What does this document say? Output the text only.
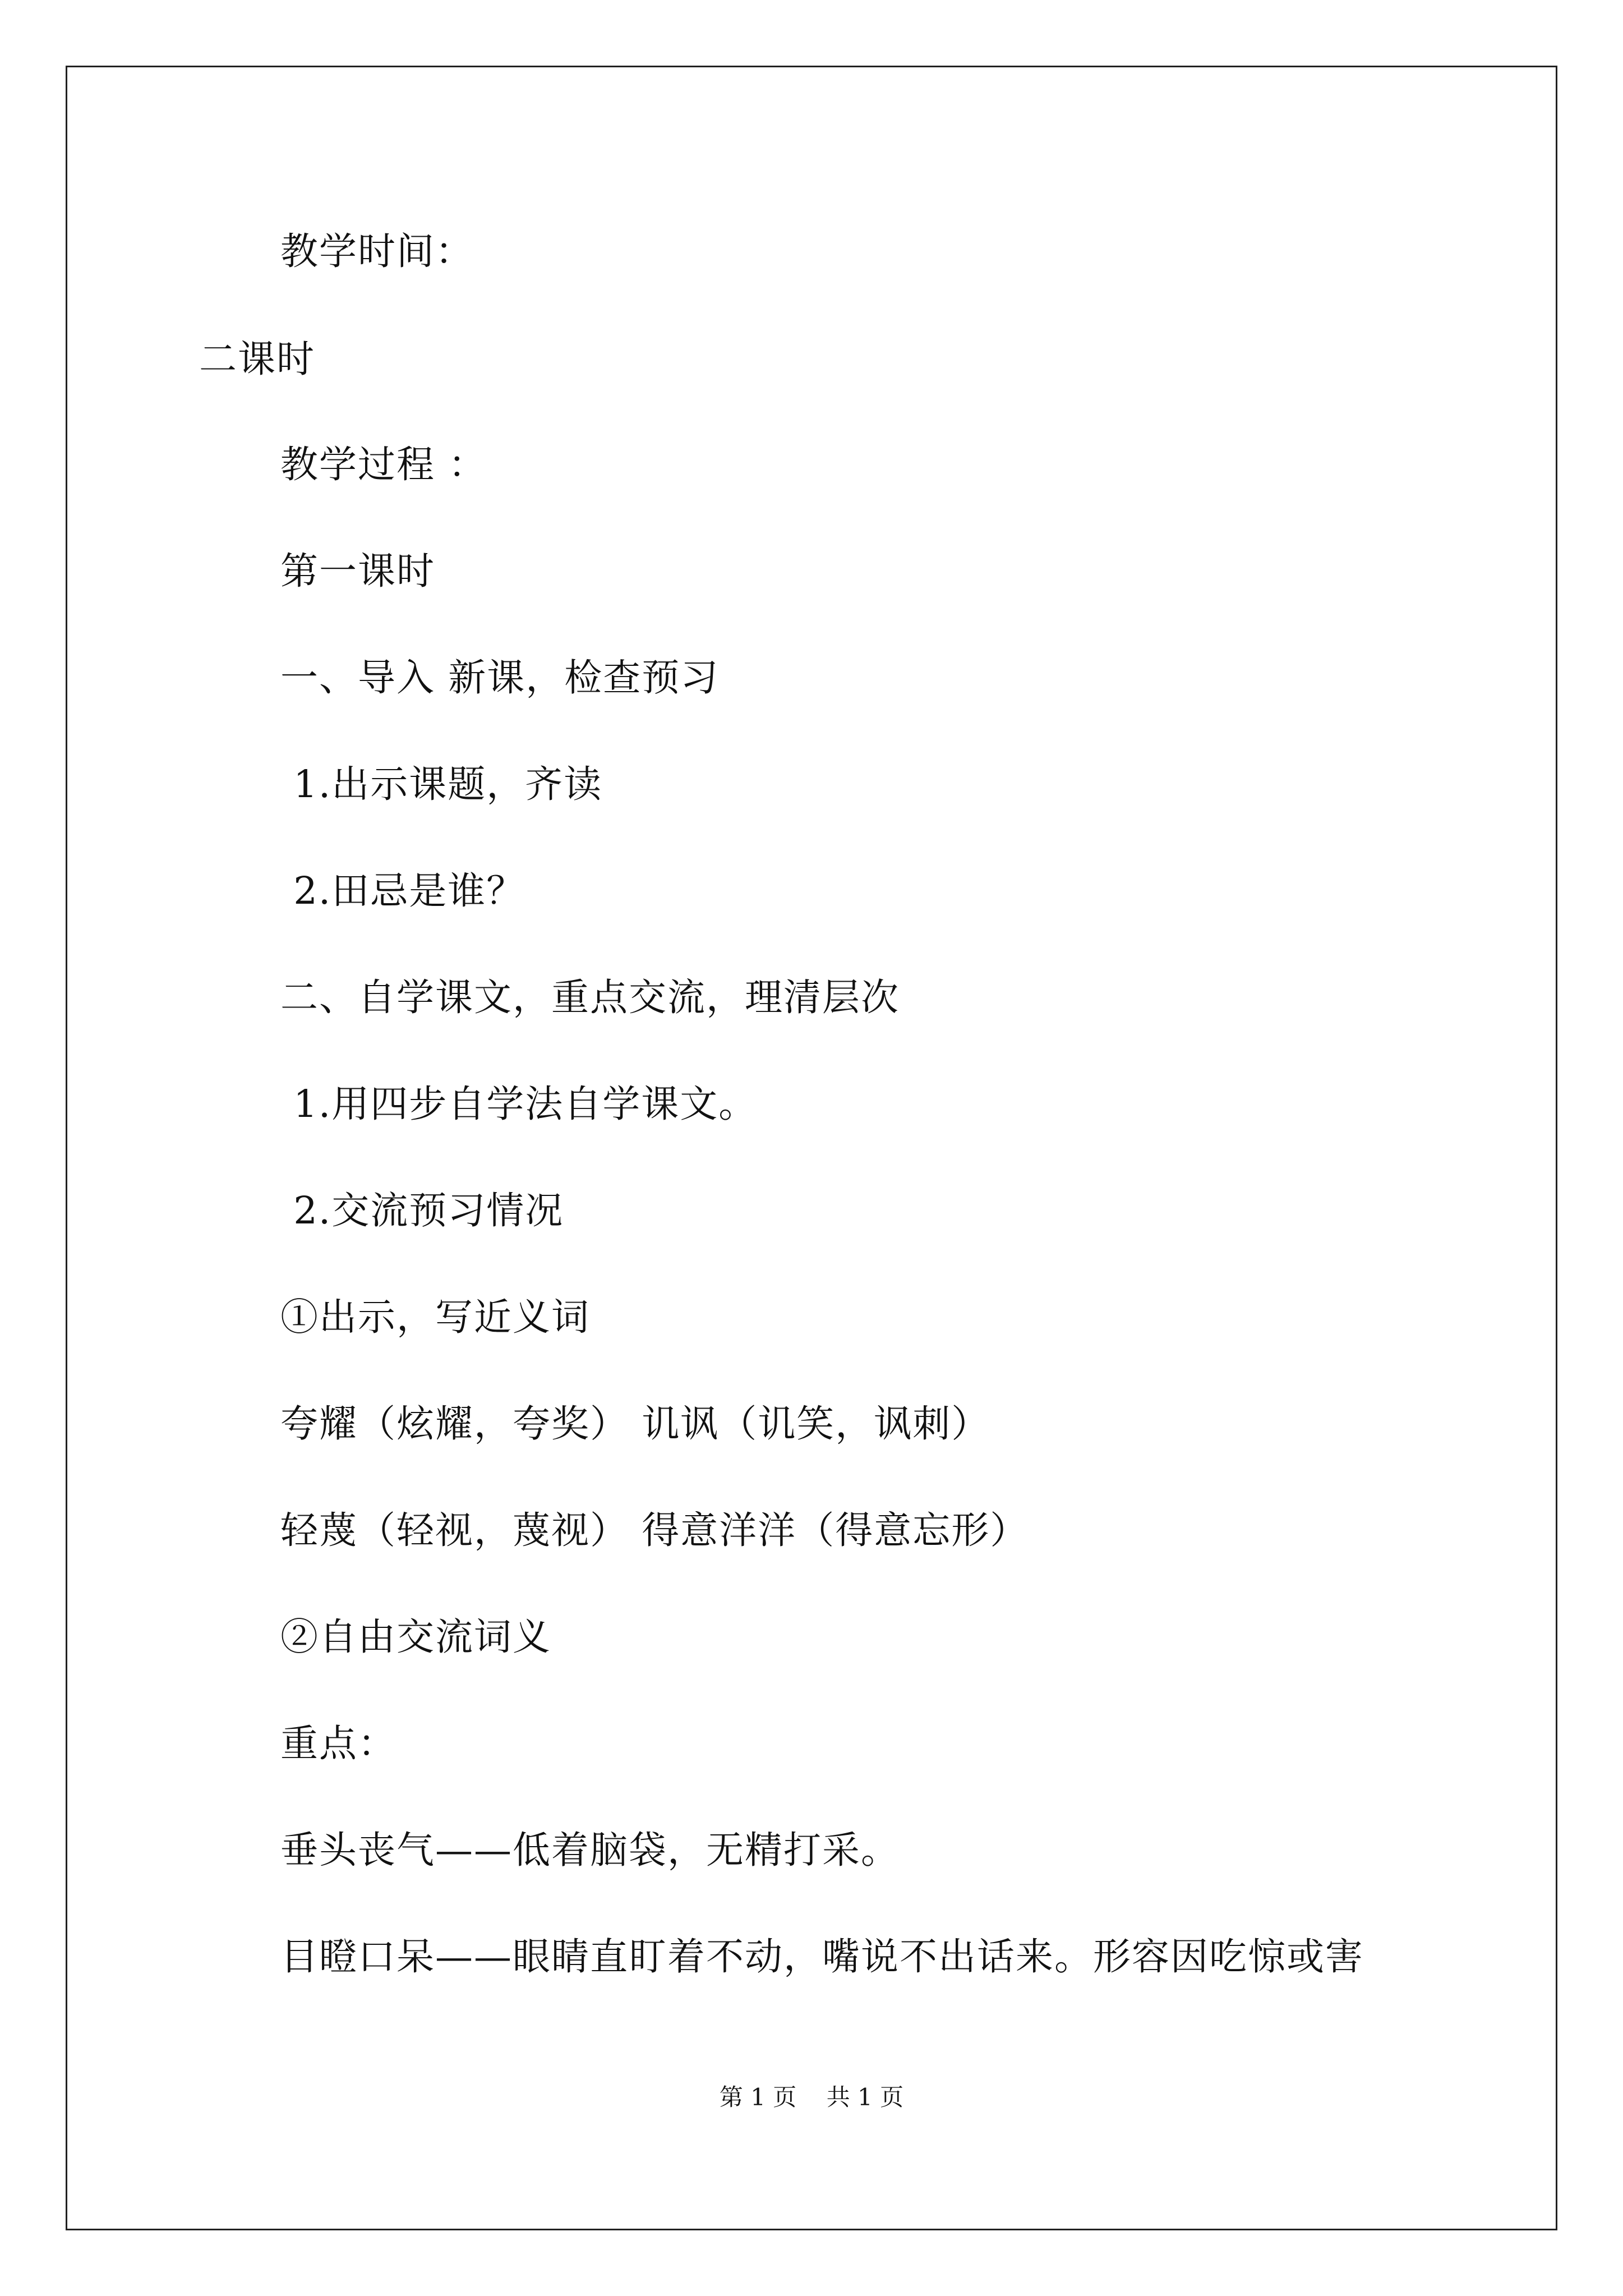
教学时间：
二课时
教学过程 ：
第一课时
一、导入 新课，检查预习
1.出示课题，齐读
2.田忌是谁？
二、自学课文，重点交流，理清层次
1.用四步自学法自学课文。
2.交流预习情况
①出示，写近义词
夸耀（炫耀，夸奖） 讥讽（讥笑，讽刺）
轻蔑（轻视，蔑视） 得意洋洋（得意忘形）
②自由交流词义
重点：
垂头丧气——低着脑袋，无精打采。
目瞪口呆——眼睛直盯着不动，嘴说不出话来。形容因吃惊或害
第 1 页    共 1 页
